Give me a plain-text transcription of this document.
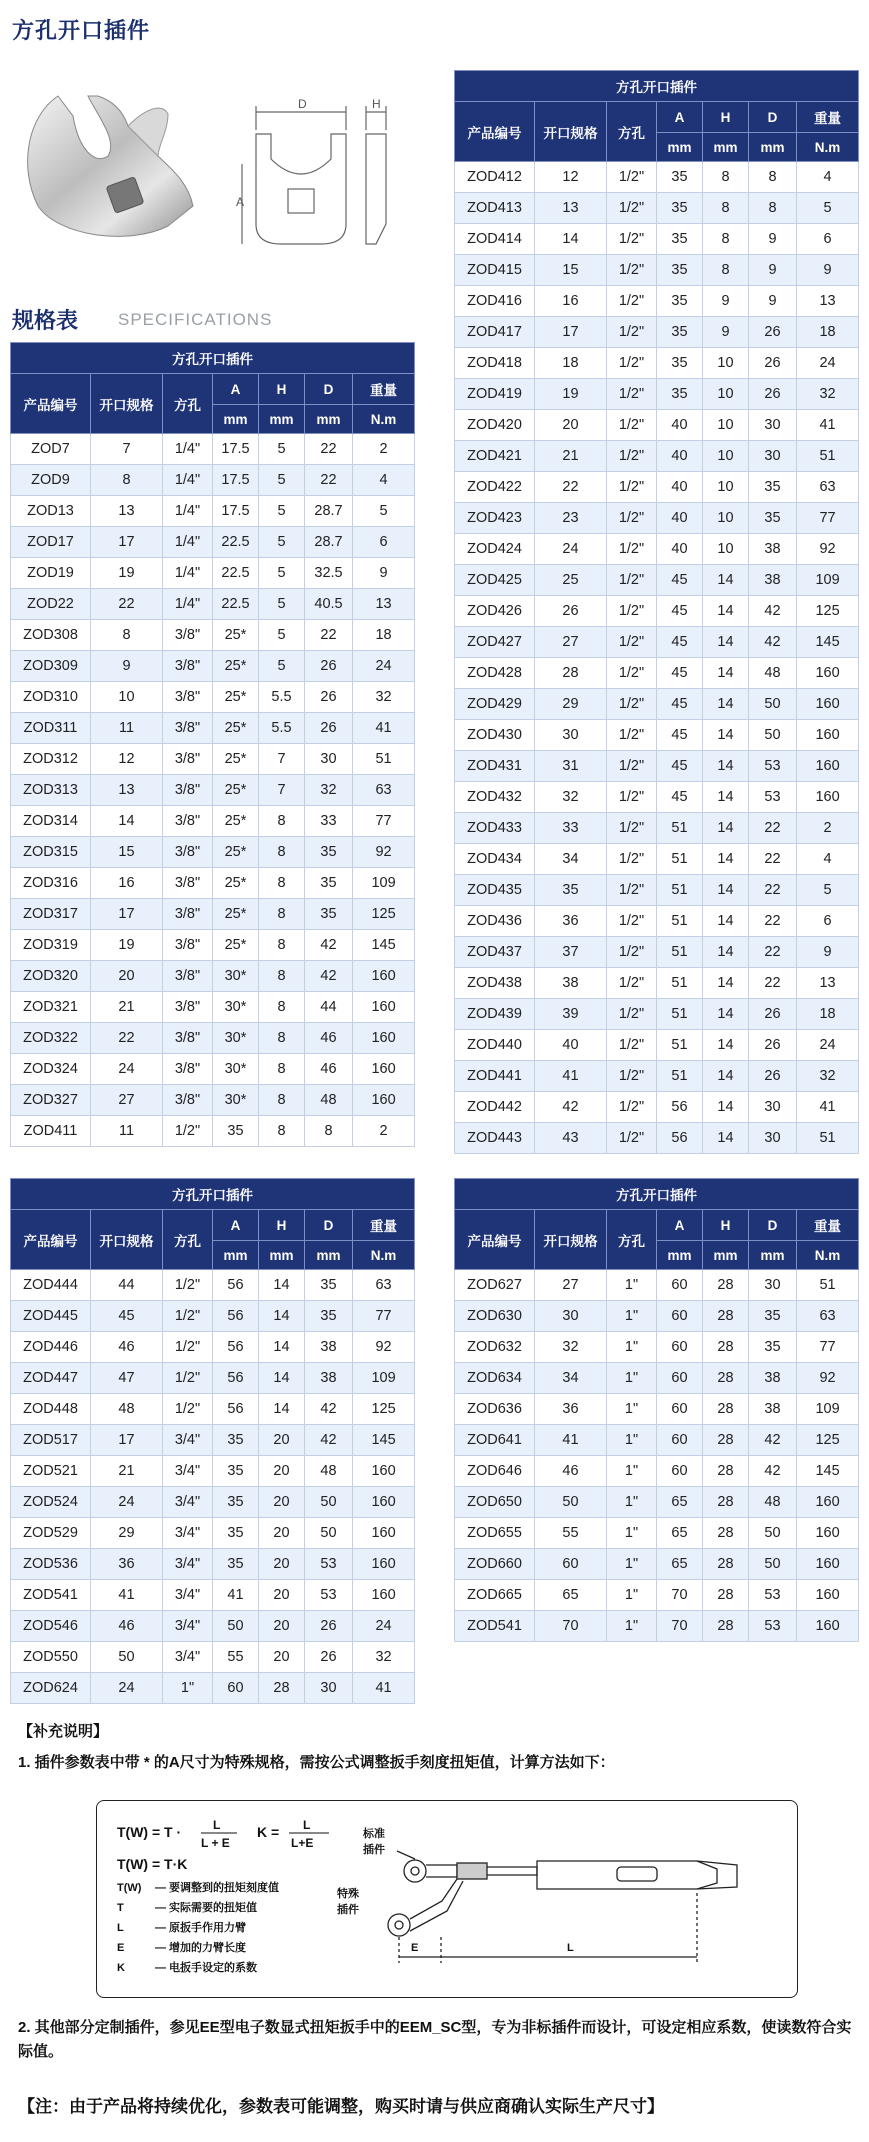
方孔开口插件
D	H
A
规格表 SPECIFICATIONS
方孔开口插件						
产品编号	开口规格	方孔	A	H	D	重量
			mm	mm	mm	N.m
ZOD7	7	1/4"	17.5	5	22	2
ZOD9	8	1/4"	17.5	5	22	4
ZOD13	13	1/4"	17.5	5	28.7	5
ZOD17	17	1/4"	22.5	5	28.7	6
ZOD19	19	1/4"	22.5	5	32.5	9
ZOD22	22	1/4"	22.5	5	40.5	13
ZOD308	8	3/8"	25*	5	22	18
ZOD309	9	3/8"	25*	5	26	24
ZOD310	10	3/8"	25*	5.5	26	32
ZOD311	11	3/8"	25*	5.5	26	41
ZOD312	12	3/8"	25*	7	30	51
ZOD313	13	3/8"	25*	7	32	63
ZOD314	14	3/8"	25*	8	33	77
ZOD315	15	3/8"	25*	8	35	92
ZOD316	16	3/8"	25*	8	35	109
ZOD317	17	3/8"	25*	8	35	125
ZOD319	19	3/8"	25*	8	42	145
ZOD320	20	3/8"	30*	8	42	160
ZOD321	21	3/8"	30*	8	44	160
ZOD322	22	3/8"	30*	8	46	160
ZOD324	24	3/8"	30*	8	46	160
ZOD327	27	3/8"	30*	8	48	160
ZOD411	11	1/2"	35	8	8	2
方孔开口插件						
产品编号	开口规格	方孔	A	H	D	重量
			mm	mm	mm	N.m
ZOD412	12	1/2"	35	8	8	4
ZOD413	13	1/2"	35	8	8	5
ZOD414	14	1/2"	35	8	9	6
ZOD415	15	1/2"	35	8	9	9
ZOD416	16	1/2"	35	9	9	13
ZOD417	17	1/2"	35	9	26	18
ZOD418	18	1/2"	35	10	26	24
ZOD419	19	1/2"	35	10	26	32
ZOD420	20	1/2"	40	10	30	41
ZOD421	21	1/2"	40	10	30	51
ZOD422	22	1/2"	40	10	35	63
ZOD423	23	1/2"	40	10	35	77
ZOD424	24	1/2"	40	10	38	92
ZOD425	25	1/2"	45	14	38	109
ZOD426	26	1/2"	45	14	42	125
ZOD427	27	1/2"	45	14	42	145
ZOD428	28	1/2"	45	14	48	160
ZOD429	29	1/2"	45	14	50	160
ZOD430	30	1/2"	45	14	50	160
ZOD431	31	1/2"	45	14	53	160
ZOD432	32	1/2"	45	14	53	160
ZOD433	33	1/2"	51	14	22	2
ZOD434	34	1/2"	51	14	22	4
ZOD435	35	1/2"	51	14	22	5
ZOD436	36	1/2"	51	14	22	6
ZOD437	37	1/2"	51	14	22	9
ZOD438	38	1/2"	51	14	22	13
ZOD439	39	1/2"	51	14	26	18
ZOD440	40	1/2"	51	14	26	24
ZOD441	41	1/2"	51	14	26	32
ZOD442	42	1/2"	56	14	30	41
ZOD443	43	1/2"	56	14	30	51
方孔开口插件						
产品编号	开口规格	方孔	A	H	D	重量
			mm	mm	mm	N.m
ZOD444	44	1/2"	56	14	35	63
ZOD445	45	1/2"	56	14	35	77
ZOD446	46	1/2"	56	14	38	92
ZOD447	47	1/2"	56	14	38	109
ZOD448	48	1/2"	56	14	42	125
ZOD517	17	3/4"	35	20	42	145
ZOD521	21	3/4"	35	20	48	160
ZOD524	24	3/4"	35	20	50	160
ZOD529	29	3/4"	35	20	50	160
ZOD536	36	3/4"	35	20	53	160
ZOD541	41	3/4"	41	20	53	160
ZOD546	46	3/4"	50	20	26	24
ZOD550	50	3/4"	55	20	26	32
ZOD624	24	1"	60	28	30	41
方孔开口插件						
产品编号	开口规格	方孔	A	H	D	重量
			mm	mm	mm	N.m
ZOD627	27	1"	60	28	30	51
ZOD630	30	1"	60	28	35	63
ZOD632	32	1"	60	28	35	77
ZOD634	34	1"	60	28	38	92
ZOD636	36	1"	60	28	38	109
ZOD641	41	1"	60	28	42	125
ZOD646	46	1"	60	28	42	145
ZOD650	50	1"	65	28	48	160
ZOD655	55	1"	65	28	50	160
ZOD660	60	1"	65	28	50	160
ZOD665	65	1"	70	28	53	160
ZOD541	70	1"	70	28	53	160
【补充说明】
1. 插件参数表中带 * 的A尺寸为特殊规格，需按公式调整扳手刻度扭矩值，计算方法如下：
T(W) = T ·	L
L + E
K = L
L+E
T(W) = T·K
T(W) — 要调整到的扭矩刻度值
T	— 实际需要的扭矩值
L	— 原扳手作用力臂
E	— 增加的力臂长度
K	— 电扳手设定的系数
标准
插件
特殊
插件
E	L
2. 其他部分定制插件，参见EE型电子数显式扭矩扳手中的EEM_SC型，专为非标插件而设计，可设定相应系数，使读数符合实际值。
【注：由于产品将持续优化，参数表可能调整，购买时请与供应商确认实际生产尺寸】
